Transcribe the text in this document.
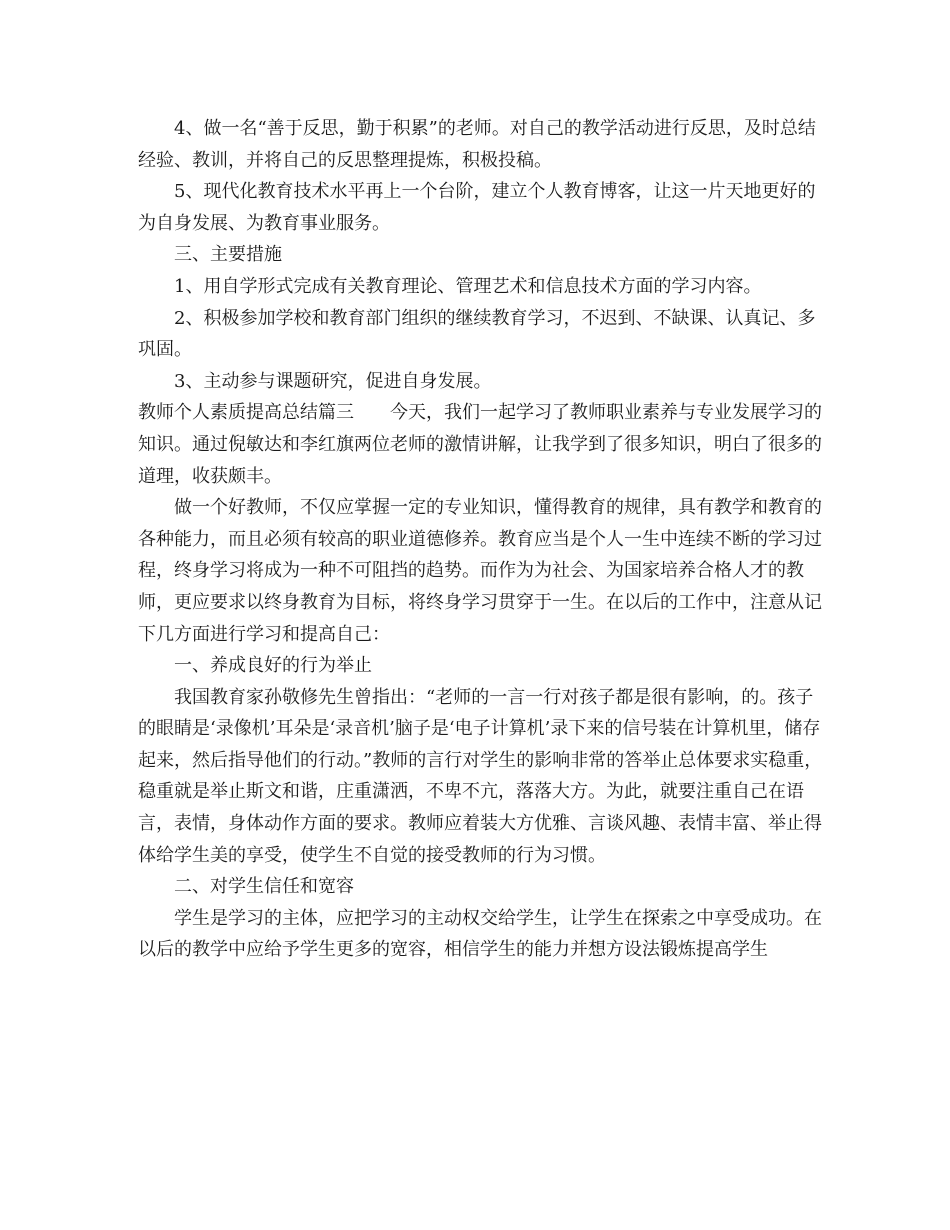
4、做一名“善于反思，勤于积累”的老师。对自己的教学活动进行反思，及时总结经验、教训，并将自己的反思整理提炼，积极投稿。

5、现代化教育技术水平再上一个台阶，建立个人教育博客，让这一片天地更好的为自身发展、为教育事业服务。

三、主要措施

1、用自学形式完成有关教育理论、管理艺术和信息技术方面的学习内容。

2、积极参加学校和教育部门组织的继续教育学习，不迟到、不缺课、认真记、多巩固。

3、主动参与课题研究，促进自身发展。

教师个人素质提高总结篇三　　今天，我们一起学习了教师职业素养与专业发展学习的知识。通过倪敏达和李红旗两位老师的激情讲解，让我学到了很多知识，明白了很多的道理，收获颇丰。

做一个好教师，不仅应掌握一定的专业知识，懂得教育的规律，具有教学和教育的各种能力，而且必须有较高的职业道德修养。教育应当是个人一生中连续不断的学习过程，终身学习将成为一种不可阻挡的趋势。而作为为社会、为国家培养合格人才的教师，更应要求以终身教育为目标，将终身学习贯穿于一生。在以后的工作中，注意从记下几方面进行学习和提高自己：

一、养成良好的行为举止

我国教育家孙敬修先生曾指出：“老师的一言一行对孩子都是很有影响，的。孩子的眼睛是‘录像机’耳朵是‘录音机’脑子是‘电子计算机’录下来的信号装在计算机里，储存起来，然后指导他们的行动。”教师的言行对学生的影响非常的答举止总体要求实稳重，稳重就是举止斯文和谐，庄重潇洒，不卑不亢，落落大方。为此，就要注重自己在语言，表情，身体动作方面的要求。教师应着装大方优雅、言谈风趣、表情丰富、举止得体给学生美的享受，使学生不自觉的接受教师的行为习惯。

二、对学生信任和宽容

学生是学习的主体，应把学习的主动权交给学生，让学生在探索之中享受成功。在以后的教学中应给予学生更多的宽容，相信学生的能力并想方设法锻炼提高学生
